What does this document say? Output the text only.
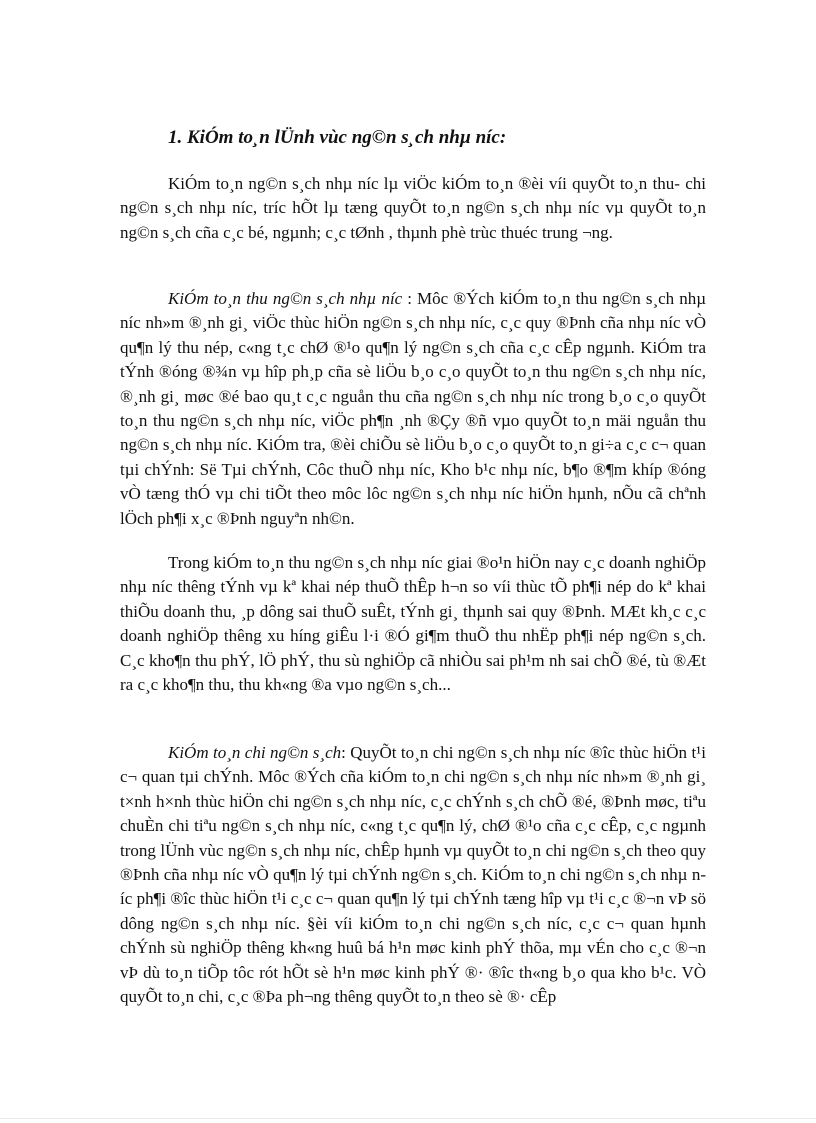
1. KiÓm to¸n lÜnh vùc ng©n s¸ch nhµ níc:

KiÓm to¸n ng©n s¸ch nhµ níc lµ viÖc kiÓm to¸n ®èi víi quyÕt to¸n thu- chi ng©n s¸ch nhµ níc, tríc hÕt lµ tæng quyÕt to¸n ng©n s¸ch nhµ níc vµ quyÕt to¸n ng©n s¸ch cña c¸c bé, ngµnh; c¸c tØnh , thµnh phè trùc thuéc trung ¬ng.

KiÓm to¸n thu ng©n s¸ch nhµ níc : Môc ®Ých kiÓm to¸n thu ng©n s¸ch nhµ níc nh»m ®¸nh gi¸ viÖc thùc hiÖn ng©n s¸ch nhµ níc, c¸c quy ®Þnh cña nhµ níc vÒ qu¶n lý thu nép, c«ng t¸c chØ ®¹o qu¶n lý ng©n s¸ch cña c¸c cÊp ngµnh. KiÓm tra tÝnh ®óng ®¾n vµ hîp ph¸p cña sè liÖu b¸o c¸o quyÕt to¸n thu ng©n s¸ch nhµ níc, ®¸nh gi¸ møc ®é bao qu¸t c¸c nguån thu cña ng©n s¸ch nhµ níc trong b¸o c¸o quyÕt to¸n thu ng©n s¸ch nhµ níc, viÖc ph¶n ¸nh ®Çy ®ñ vµo quyÕt to¸n mäi nguån thu ng©n s¸ch nhµ níc. KiÓm tra, ®èi chiÕu sè liÖu b¸o c¸o quyÕt to¸n gi÷a c¸c c¬ quan tµi chÝnh: Së Tµi chÝnh, Côc thuÕ nhµ níc, Kho b¹c nhµ níc, b¶o ®¶m khíp ®óng vÒ tæng thÓ vµ chi tiÕt theo môc lôc ng©n s¸ch nhµ níc hiÖn hµnh, nÕu cã chªnh lÖch ph¶i x¸c ®Þnh nguyªn nh©n.

Trong kiÓm to¸n thu ng©n s¸ch nhµ níc giai ®o¹n hiÖn nay c¸c doanh nghiÖp nhµ níc thêng tÝnh vµ kª khai nép thuÕ thÊp h¬n so víi thùc tÕ ph¶i nép do kª khai thiÕu doanh thu, ¸p dông sai thuÕ suÊt, tÝnh gi¸ thµnh sai quy ®Þnh. MÆt kh¸c c¸c doanh nghiÖp thêng xu híng giÊu l·i ®Ó gi¶m thuÕ thu nhËp ph¶i nép ng©n s¸ch. C¸c kho¶n thu phÝ, lÖ phÝ, thu sù nghiÖp cã nhiÒu sai ph¹m nh sai chÕ ®é, tù ®Æt ra c¸c kho¶n thu, thu kh«ng ®a vµo ng©n s¸ch...

KiÓm to¸n chi ng©n s¸ch: QuyÕt to¸n chi ng©n s¸ch nhµ níc ®îc thùc hiÖn t¹i c¬ quan tµi chÝnh. Môc ®Ých cña kiÓm to¸n chi ng©n s¸ch nhµ níc nh»m ®¸nh gi¸ t×nh h×nh thùc hiÖn chi ng©n s¸ch nhµ níc, c¸c chÝnh s¸ch chÕ ®é, ®Þnh møc, tiªu chuÈn chi tiªu ng©n s¸ch nhµ níc, c«ng t¸c qu¶n lý, chØ ®¹o cña c¸c cÊp, c¸c ngµnh trong lÜnh vùc ng©n s¸ch nhµ níc, chÊp hµnh vµ quyÕt to¸n chi ng©n s¸ch theo quy ®Þnh cña nhµ níc vÒ qu¶n lý tµi chÝnh ng©n s¸ch. KiÓm to¸n chi ng©n s¸ch nhµ níc ph¶i ®îc thùc hiÖn t¹i c¸c c¬ quan qu¶n lý tµi chÝnh tæng hîp vµ t¹i c¸c ®¬n vÞ sö dông ng©n s¸ch nhµ níc. §èi víi kiÓm to¸n chi ng©n s¸ch níc, c¸c c¬ quan hµnh chÝnh sù nghiÖp thêng kh«ng huû bá h¹n møc kinh phÝ thõa, mµ vÉn cho c¸c ®¬n vÞ dù to¸n tiÕp tôc rót hÕt sè h¹n møc kinh phÝ ®· ®îc th«ng b¸o qua kho b¹c. VÒ quyÕt to¸n chi, c¸c ®Þa ph¬ng thêng quyÕt to¸n theo sè ®· cÊp
